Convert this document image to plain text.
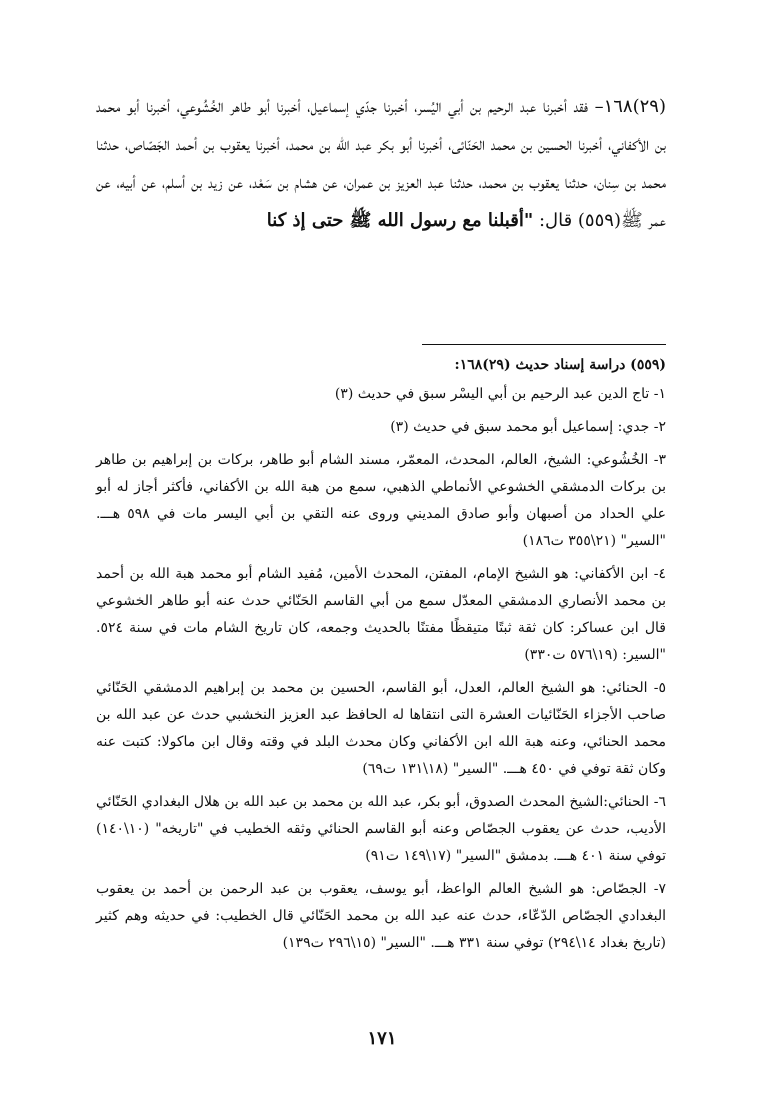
(٢٩)١٦٨– فقد أخبرنا عبد الرحيم بن أبي اليُسر، أخبرنا جدّي إسماعيل، أخبرنا أبو طاهر الخُشُوعي، أخبرنا أبو محمد بن الأكفاني، أخبرنا الحسين بن محمد الحَنّائى، أخبرنا أبو بكر عبد الله بن محمد، أخبرنا يعقوب بن أحمد الجَصّاص، حدثنا محمد بن سِنان، حدثنا يعقوب بن محمد، حدثنا عبد العزيز بن عمران، عن هشام بن سَعْد، عن زيد بن أسلم، عن أبيه، عن عمر ﷺ(٥٥٩) قال: "أقبلنا مع رسول الله ﷺ حتى إذ كنا

(٥٥٩) دراسة إسناد حديث (٢٩)١٦٨:

١- تاج الدين عبد الرحيم بن أبي اليسْر سبق في حديث (٣)

٢- جدي: إسماعيل أبو محمد سبق في حديث (٣)

٣- الخُشُوعي: الشيخ، العالم، المحدث، المعمّر، مسند الشام أبو طاهر، بركات بن إبراهيم بن طاهر بن بركات الدمشقي الخشوعي الأنماطي الذهبي، سمع من هبة الله بن الأكفاني، فأكثر أجاز له أبو علي الحداد من أصبهان وأبو صادق المديني وروى عنه التقي بن أبي اليسر مات في ٥٩٨ هـــ. "السير" (٢١\٣٥٥ ت١٨٦)

٤- ابن الأكفاني: هو الشيخ الإمام، المفتن، المحدث الأمين، مُفيد الشام أبو محمد هبة الله بن أحمد بن محمد الأنصاري الدمشقي المعدّل سمع من أبي القاسم الحَنّائي حدث عنه أبو طاهر الخشوعي قال ابن عساكر: كان ثقة ثبتًا متيقظًا مفتنًا بالحديث وجمعه، كان تاريخ الشام مات في سنة ٥٢٤. "السير: (١٩\٥٧٦ ت٣٣٠)

٥- الحنائي: هو الشيخ العالم، العدل، أبو القاسم، الحسين بن محمد بن إبراهيم الدمشقي الحَنّائي صاحب الأجزاء الحَنّائيات العشرة التى انتقاها له الحافظ عبد العزيز النخشبي حدث عن عبد الله بن محمد الحنائي، وعنه هبة الله ابن الأكفاني وكان محدث البلد في وقته وقال ابن ماكولا: كتبت عنه وكان ثقة توفي في ٤٥٠ هـــ. "السير" (١٨\١٣١ ت٦٩)

٦- الحنائي:الشيخ المحدث الصدوق، أبو بكر، عبد الله بن محمد بن عبد الله بن هلال البغدادي الحَنّائي الأديب، حدث عن يعقوب الجصّاص وعنه أبو القاسم الحنائي وثقه الخطيب في "تاريخه" (١٠\١٤٠) توفي سنة ٤٠١ هـــ. بدمشق "السير" (١٧\١٤٩ ت٩١)

٧- الجصّاص: هو الشيخ العالم الواعظ، أبو يوسف، يعقوب بن عبد الرحمن بن أحمد بن يعقوب البغدادي الجصّاص الدّعّاء، حدث عنه عبد الله بن محمد الحَنّائي قال الخطيب: في حديثه وهم كثير (تاريخ بغداد ١٤\٢٩٤) توفي سنة ٣٣١ هـــ. "السير" (١٥\٢٩٦ ت١٣٩)

١٧١
